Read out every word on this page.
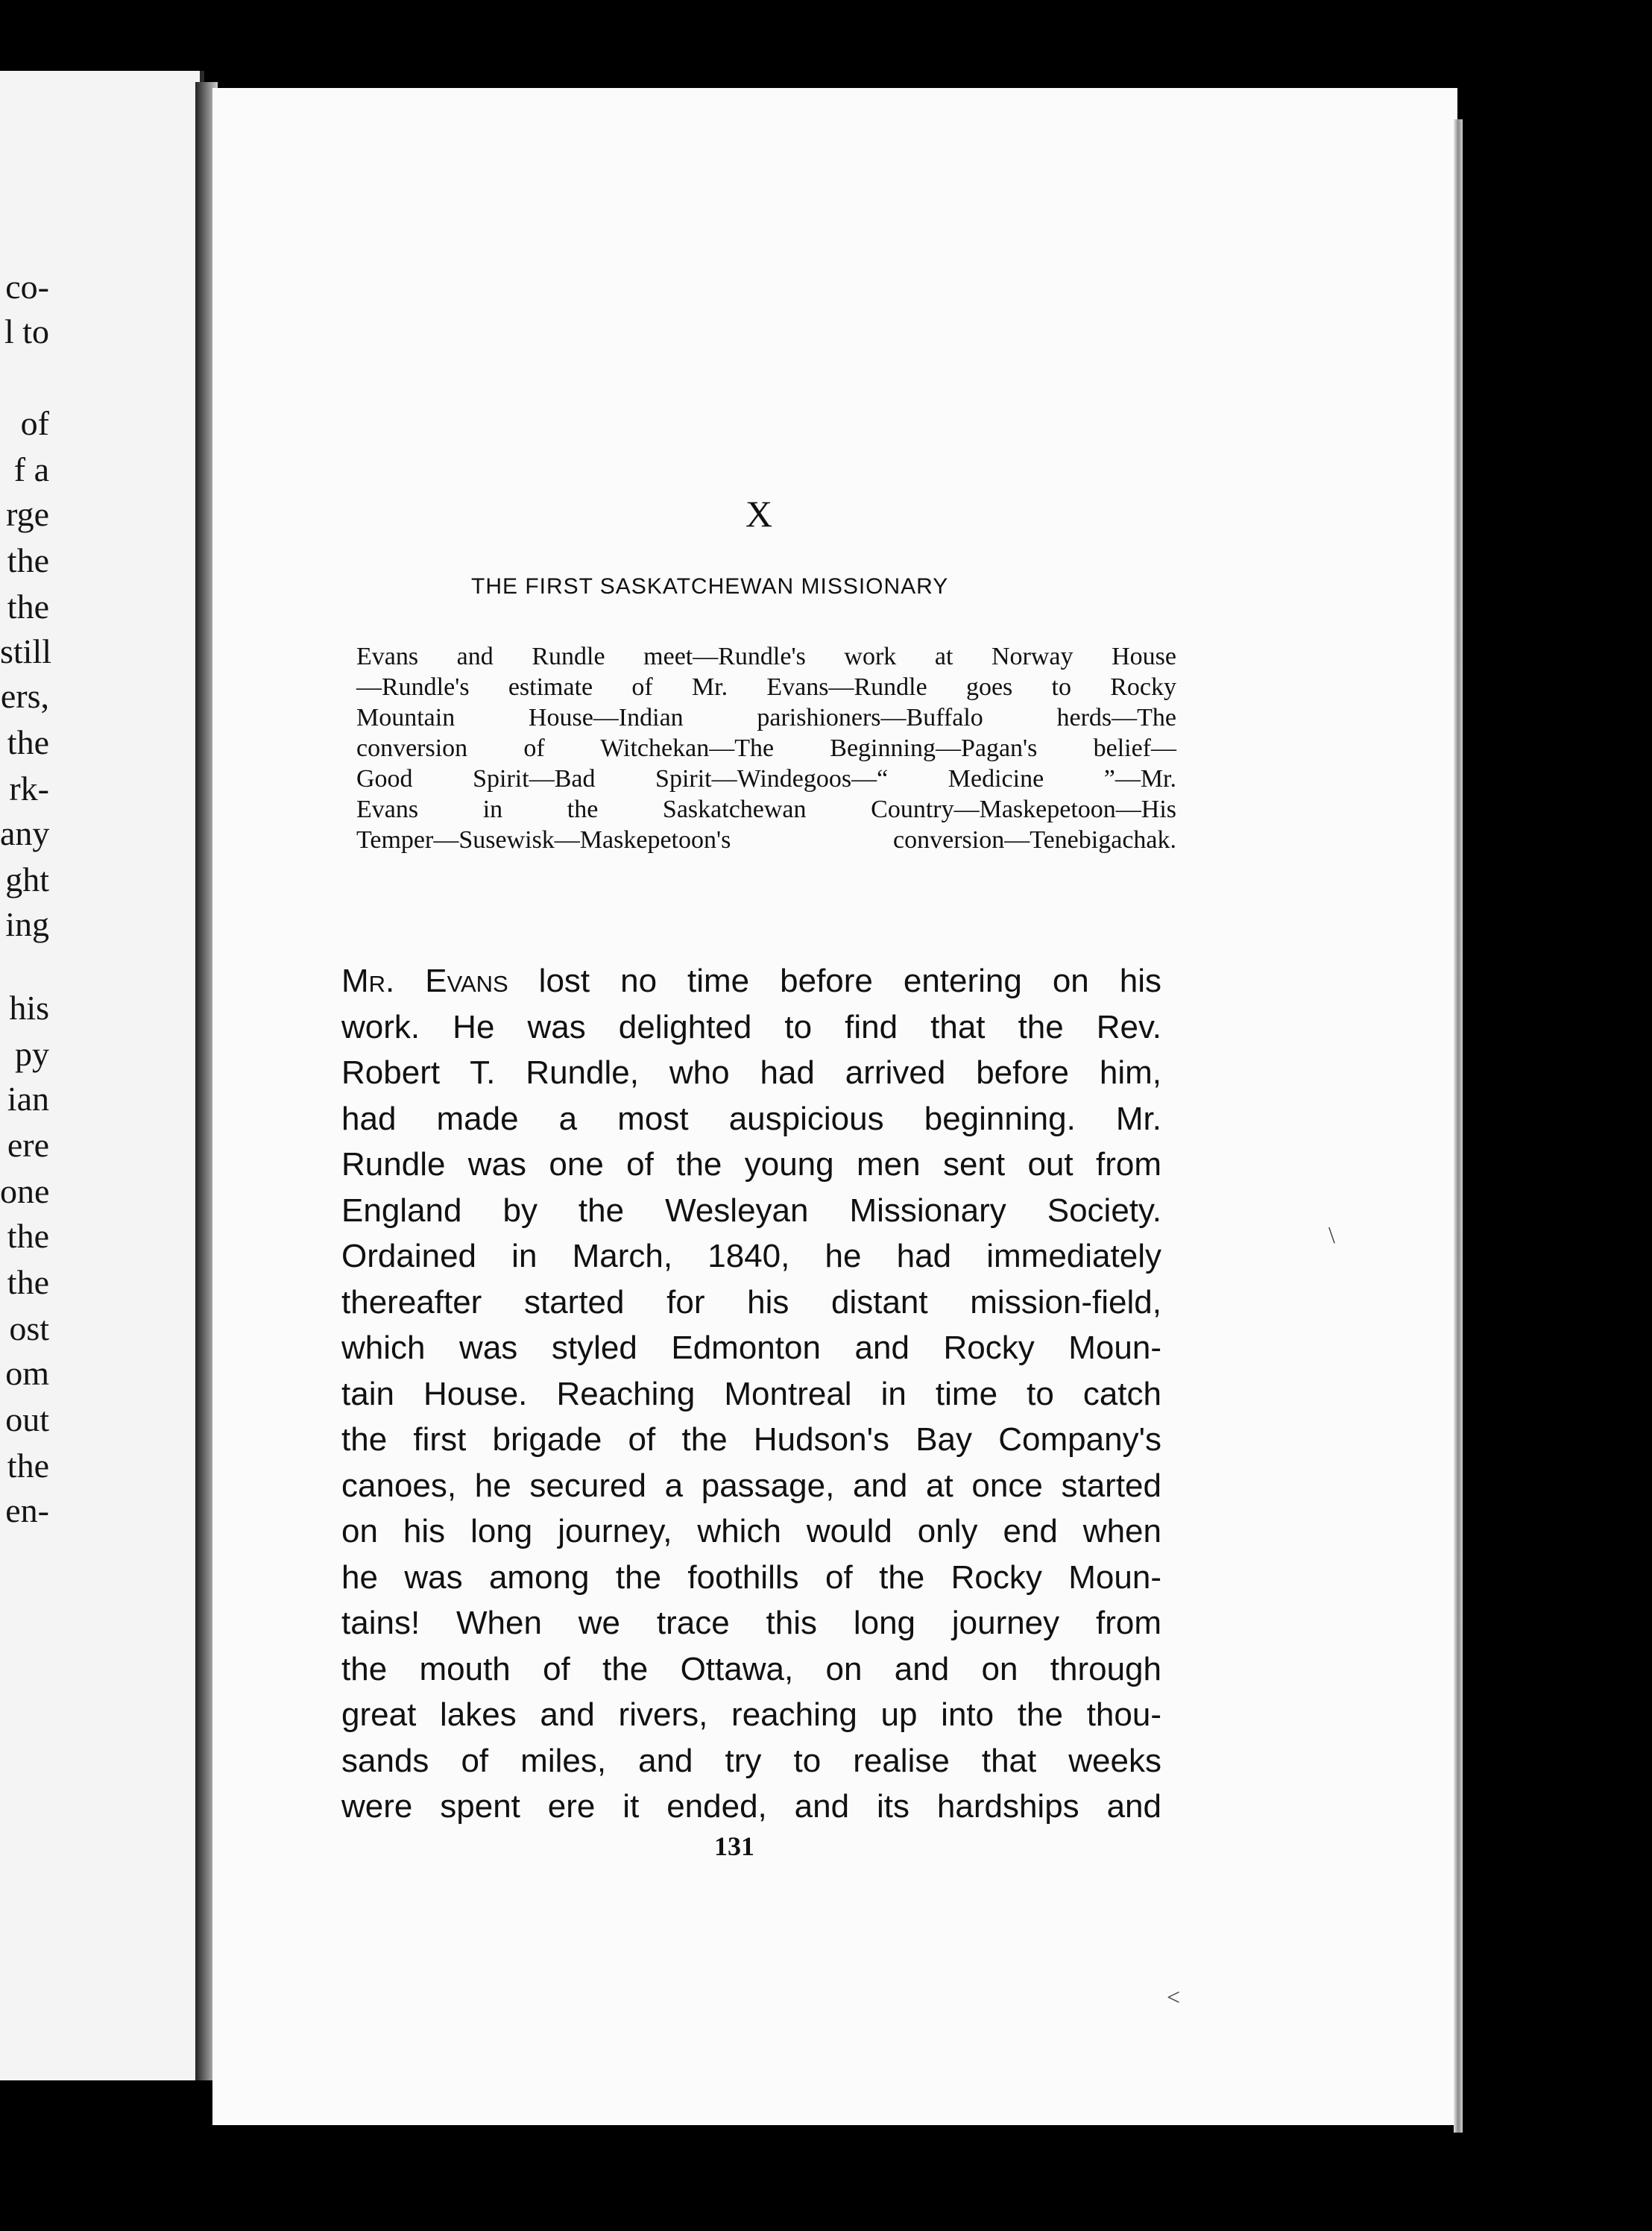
co-
l to
of
f a
rge
the
the
still
ers,
the
rk-
any
ght
ing
his
py
ian
ere
one
the
the
ost
om
out
the
en-
X
THE FIRST SASKATCHEWAN MISSIONARY
Evans and Rundle meet—Rundle's work at Norway House
—Rundle's estimate of Mr. Evans—Rundle goes to Rocky
Mountain House—Indian parishioners—Buffalo herds—The
conversion of Witchekan—The Beginning—Pagan's belief—
Good Spirit—Bad Spirit—Windegoos—“ Medicine ”—Mr.
Evans in the Saskatchewan Country—Maskepetoon—His
Temper—Susewisk—Maskepetoon's conversion—Tenebigachak.
Mr. Evans lost no time before entering on his
work. He was delighted to find that the Rev.
Robert T. Rundle, who had arrived before him,
had made a most auspicious beginning. Mr.
Rundle was one of the young men sent out from
England by the Wesleyan Missionary Society.
Ordained in March, 1840, he had immediately
thereafter started for his distant mission-field,
which was styled Edmonton and Rocky Moun-
tain House. Reaching Montreal in time to catch
the first brigade of the Hudson's Bay Company's
canoes, he secured a passage, and at once started
on his long journey, which would only end when
he was among the foothills of the Rocky Moun-
tains! When we trace this long journey from
the mouth of the Ottawa, on and on through
great lakes and rivers, reaching up into the thou-
sands of miles, and try to realise that weeks
were spent ere it ended, and its hardships and
131
\
<
